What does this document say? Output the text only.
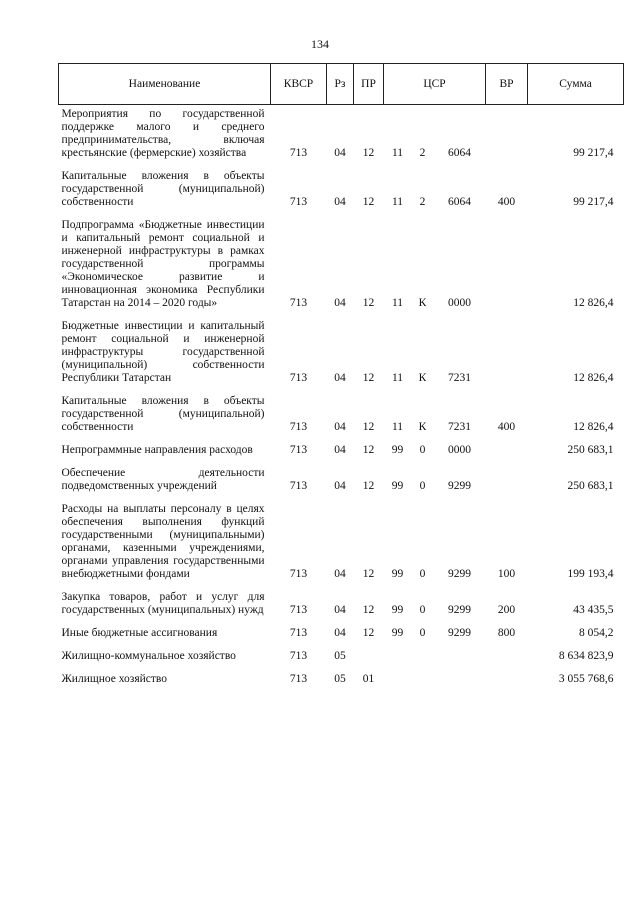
134
Наименование	КВСР	Рз	ПР	ЦСР			ВР	Сумма
Мероприятия по государственной поддержке малого и среднего предпринимательства, включая крестьянские (фермерские) хозяйства	713	04	12	11	2	6064		99 217,4
Капитальные вложения в объекты государственной (муниципальной) собственности	713	04	12	11	2	6064	400	99 217,4
Подпрограмма «Бюджетные инвестиции и капитальный ремонт социальной и инженерной инфраструктуры в рамках государственной программы «Экономическое развитие и инновационная экономика Республики Татарстан на 2014 – 2020 годы»	713	04	12	11	К	0000		12 826,4
Бюджетные инвестиции и капитальный ремонт социальной и инженерной инфраструктуры государственной (муниципальной) собственности Республики Татарстан	713	04	12	11	К	7231		12 826,4
Капитальные вложения в объекты государственной (муниципальной) собственности	713	04	12	11	К	7231	400	12 826,4
Непрограммные направления расходов	713	04	12	99	0	0000		250 683,1
Обеспечение деятельности подведомственных учреждений	713	04	12	99	0	9299		250 683,1
Расходы на выплаты персоналу в целях обеспечения выполнения функций государственными (муниципальными) органами, казенными учреждениями, органами управления государственными внебюджетными фондами	713	04	12	99	0	9299	100	199 193,4
Закупка товаров, работ и услуг для государственных (муниципальных) нужд	713	04	12	99	0	9299	200	43 435,5
Иные бюджетные ассигнования	713	04	12	99	0	9299	800	8 054,2
Жилищно-коммунальное хозяйство	713	05						8 634 823,9
Жилищное хозяйство	713	05	01					3 055 768,6
